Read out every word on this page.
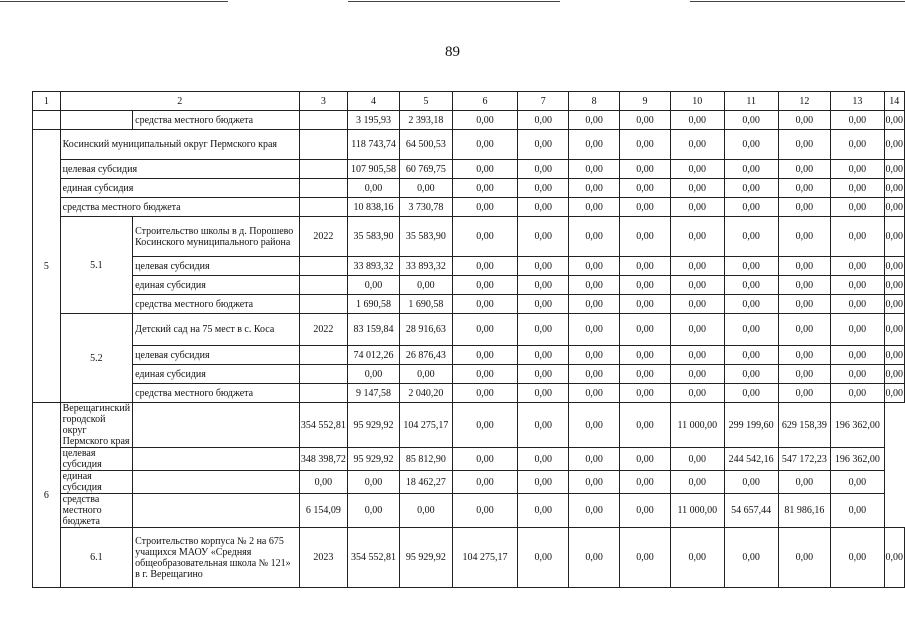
89
1	2		3	4	5	6	7	8	9	10	11	12	13	14
		средства местного бюджета		3 195,93	2 393,18	0,00	0,00	0,00	0,00	0,00	0,00	0,00	0,00	0,00
5	Косинский муниципальный округ Пермского края			118 743,74	64 500,53	0,00	0,00	0,00	0,00	0,00	0,00	0,00	0,00	0,00
	целевая субсидия			107 905,58	60 769,75	0,00	0,00	0,00	0,00	0,00	0,00	0,00	0,00	0,00
	единая субсидия			0,00	0,00	0,00	0,00	0,00	0,00	0,00	0,00	0,00	0,00	0,00
	средства местного бюджета			10 838,16	3 730,78	0,00	0,00	0,00	0,00	0,00	0,00	0,00	0,00	0,00
	5.1	Строительство школы в д. Порошево Косинского муниципального района	2022	35 583,90	35 583,90	0,00	0,00	0,00	0,00	0,00	0,00	0,00	0,00	0,00
		целевая субсидия		33 893,32	33 893,32	0,00	0,00	0,00	0,00	0,00	0,00	0,00	0,00	0,00
		единая субсидия		0,00	0,00	0,00	0,00	0,00	0,00	0,00	0,00	0,00	0,00	0,00
		средства местного бюджета		1 690,58	1 690,58	0,00	0,00	0,00	0,00	0,00	0,00	0,00	0,00	0,00
	5.2	Детский сад на 75 мест в с. Коса	2022	83 159,84	28 916,63	0,00	0,00	0,00	0,00	0,00	0,00	0,00	0,00	0,00
		целевая субсидия		74 012,26	26 876,43	0,00	0,00	0,00	0,00	0,00	0,00	0,00	0,00	0,00
		единая субсидия		0,00	0,00	0,00	0,00	0,00	0,00	0,00	0,00	0,00	0,00	0,00
		средства местного бюджета		9 147,58	2 040,20	0,00	0,00	0,00	0,00	0,00	0,00	0,00	0,00	0,00
6	Верещагинский городской округ Пермского края		354 552,81	95 929,92	104 275,17	0,00	0,00	0,00	0,00	11 000,00	299 199,60	629 158,39	196 362,00	
	целевая субсидия		348 398,72	95 929,92	85 812,90	0,00	0,00	0,00	0,00	0,00	244 542,16	547 172,23	196 362,00	
	единая субсидия		0,00	0,00	18 462,27	0,00	0,00	0,00	0,00	0,00	0,00	0,00	0,00	
	средства местного бюджета		6 154,09	0,00	0,00	0,00	0,00	0,00	0,00	11 000,00	54 657,44	81 986,16	0,00	
	6.1	Строительство корпуса № 2 на 675 учащихся МАОУ «Средняя общеобразовательная школа № 121» в г. Верещагино	2023	354 552,81	95 929,92	104 275,17	0,00	0,00	0,00	0,00	0,00	0,00	0,00	0,00
